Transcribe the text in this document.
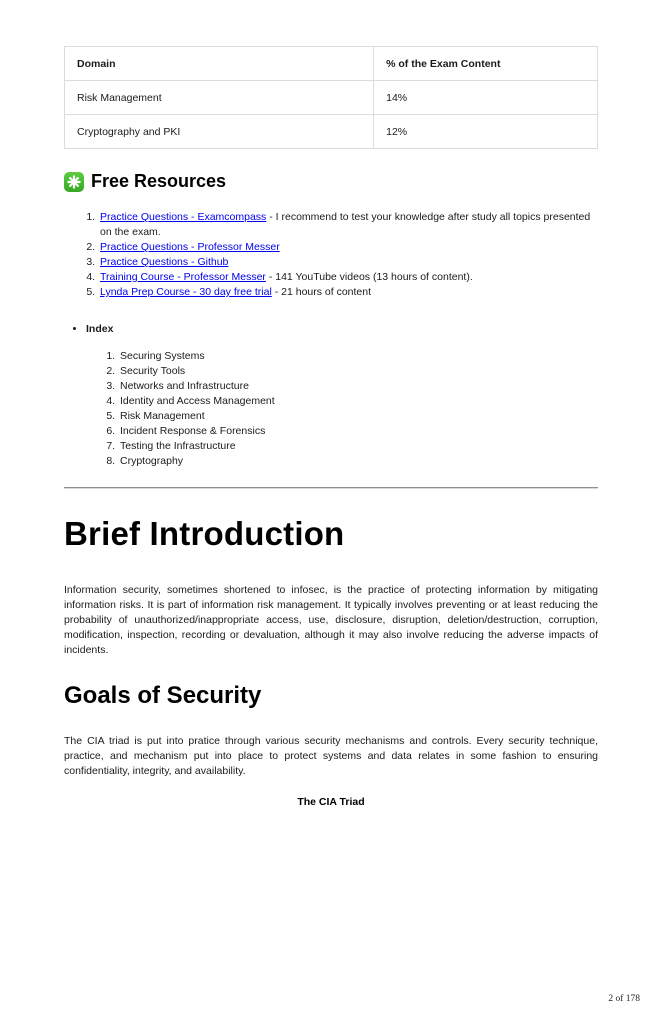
Domain	% of the Exam Content
Risk Management	14%
Cryptography and PKI	12%
Free Resources
1. Practice Questions - Examcompass - I recommend to test your knowledge after study all topics presented on the exam.
2. Practice Questions - Professor Messer
3. Practice Questions - Github
4. Training Course - Professor Messer - 141 YouTube videos (13 hours of content).
5. Lynda Prep Course - 30 day free trial - 21 hours of content
• Index
1. Securing Systems
2. Security Tools
3. Networks and Infrastructure
4. Identity and Access Management
5. Risk Management
6. Incident Response & Forensics
7. Testing the Infrastructure
8. Cryptography
Brief Introduction

Information security, sometimes shortened to infosec, is the practice of protecting information by mitigating information risks. It is part of information risk management. It typically involves preventing or at least reducing the probability of unauthorized/inappropriate access, use, disclosure, disruption, deletion/destruction, corruption, modification, inspection, recording or devaluation, although it may also involve reducing the adverse impacts of incidents.

Goals of Security

The CIA triad is put into pratice through various security mechanisms and controls. Every security technique, practice, and mechanism put into place to protect systems and data relates in some fashion to ensuring confidentiality, integrity, and availability.

The CIA Triad

2 of 178
